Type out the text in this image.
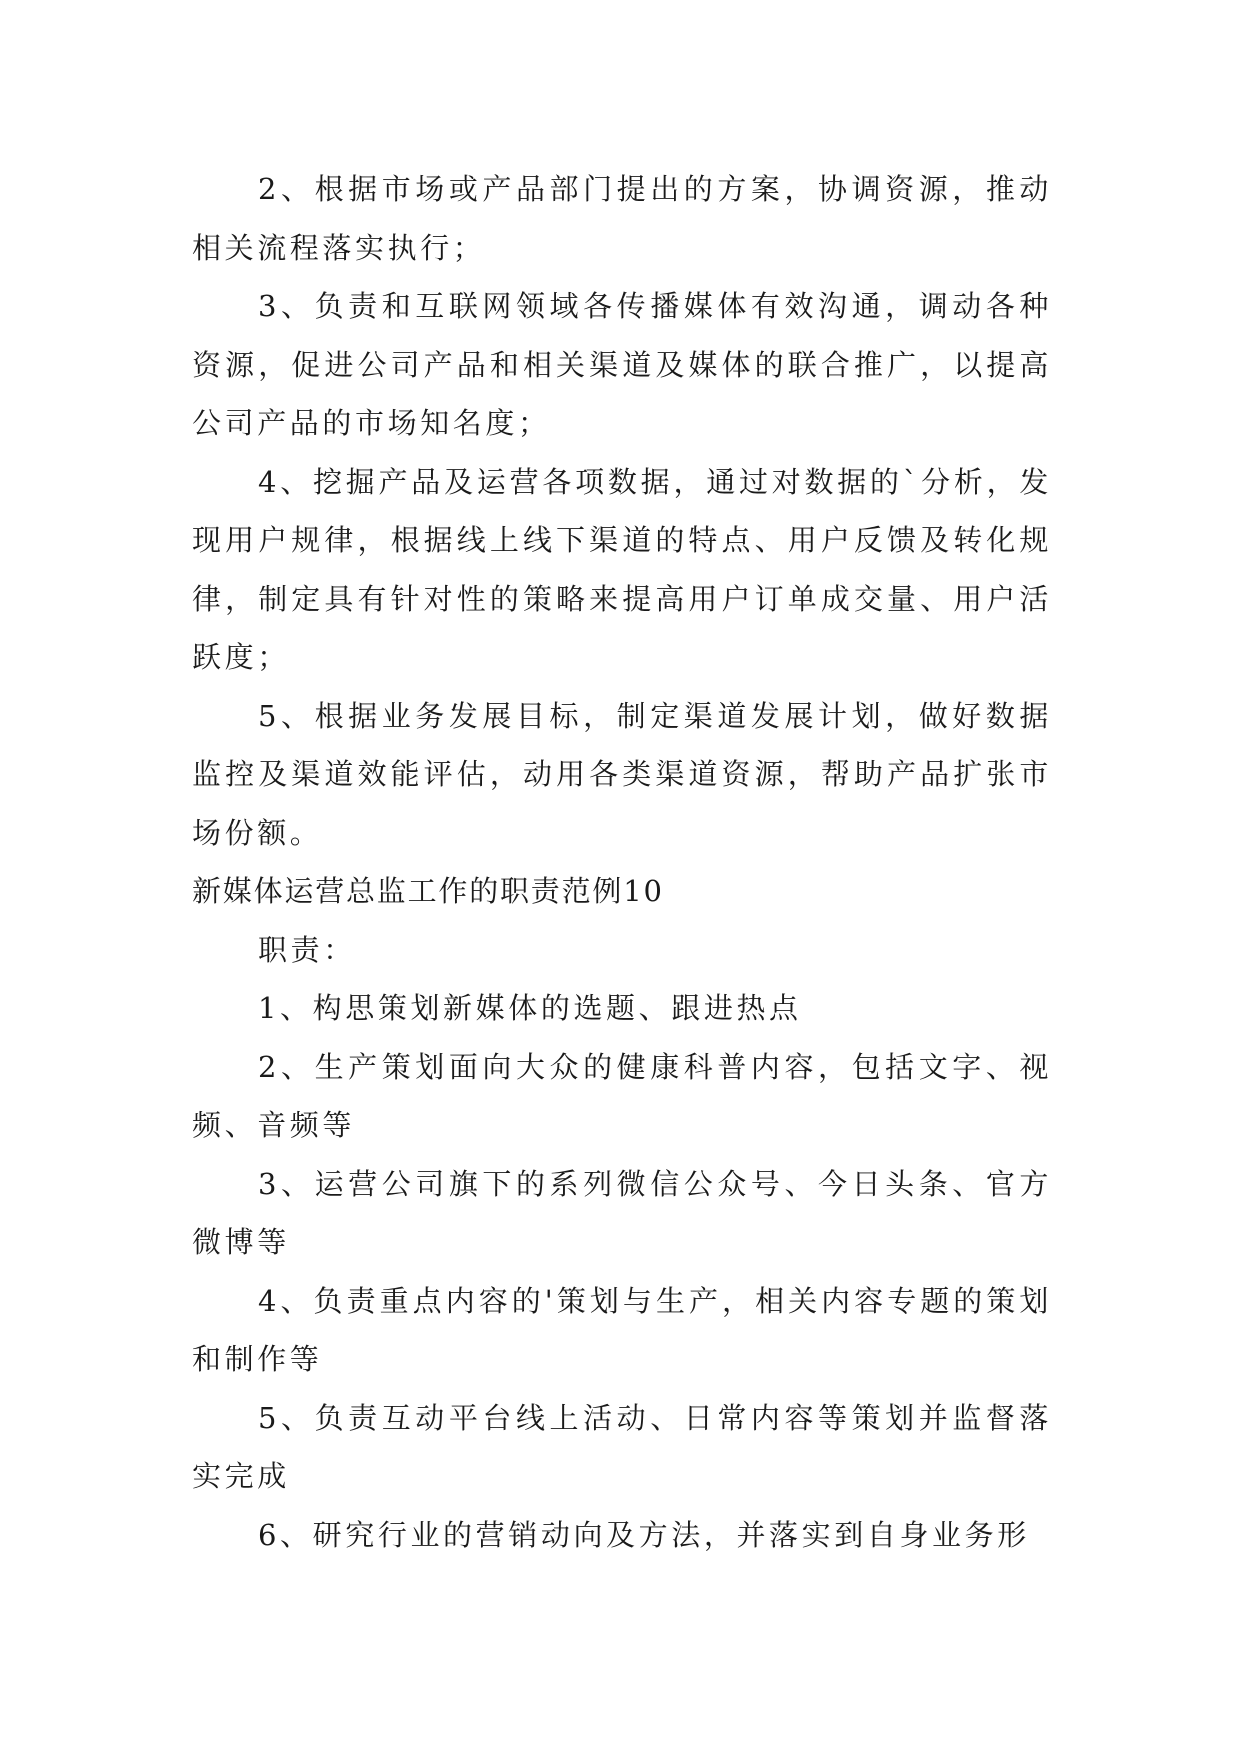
2、根据市场或产品部门提出的方案，协调资源，推动相关流程落实执行；

3、负责和互联网领域各传播媒体有效沟通，调动各种资源，促进公司产品和相关渠道及媒体的联合推广，以提高公司产品的市场知名度；

4、挖掘产品及运营各项数据，通过对数据的`分析，发现用户规律，根据线上线下渠道的特点、用户反馈及转化规律，制定具有针对性的策略来提高用户订单成交量、用户活跃度；

5、根据业务发展目标，制定渠道发展计划，做好数据监控及渠道效能评估，动用各类渠道资源，帮助产品扩张市场份额。

新媒体运营总监工作的职责范例10

职责：

1、构思策划新媒体的选题、跟进热点

2、生产策划面向大众的健康科普内容，包括文字、视频、音频等

3、运营公司旗下的系列微信公众号、今日头条、官方微博等

4、负责重点内容的'策划与生产，相关内容专题的策划和制作等

5、负责互动平台线上活动、日常内容等策划并监督落实完成

6、研究行业的营销动向及方法，并落实到自身业务形
